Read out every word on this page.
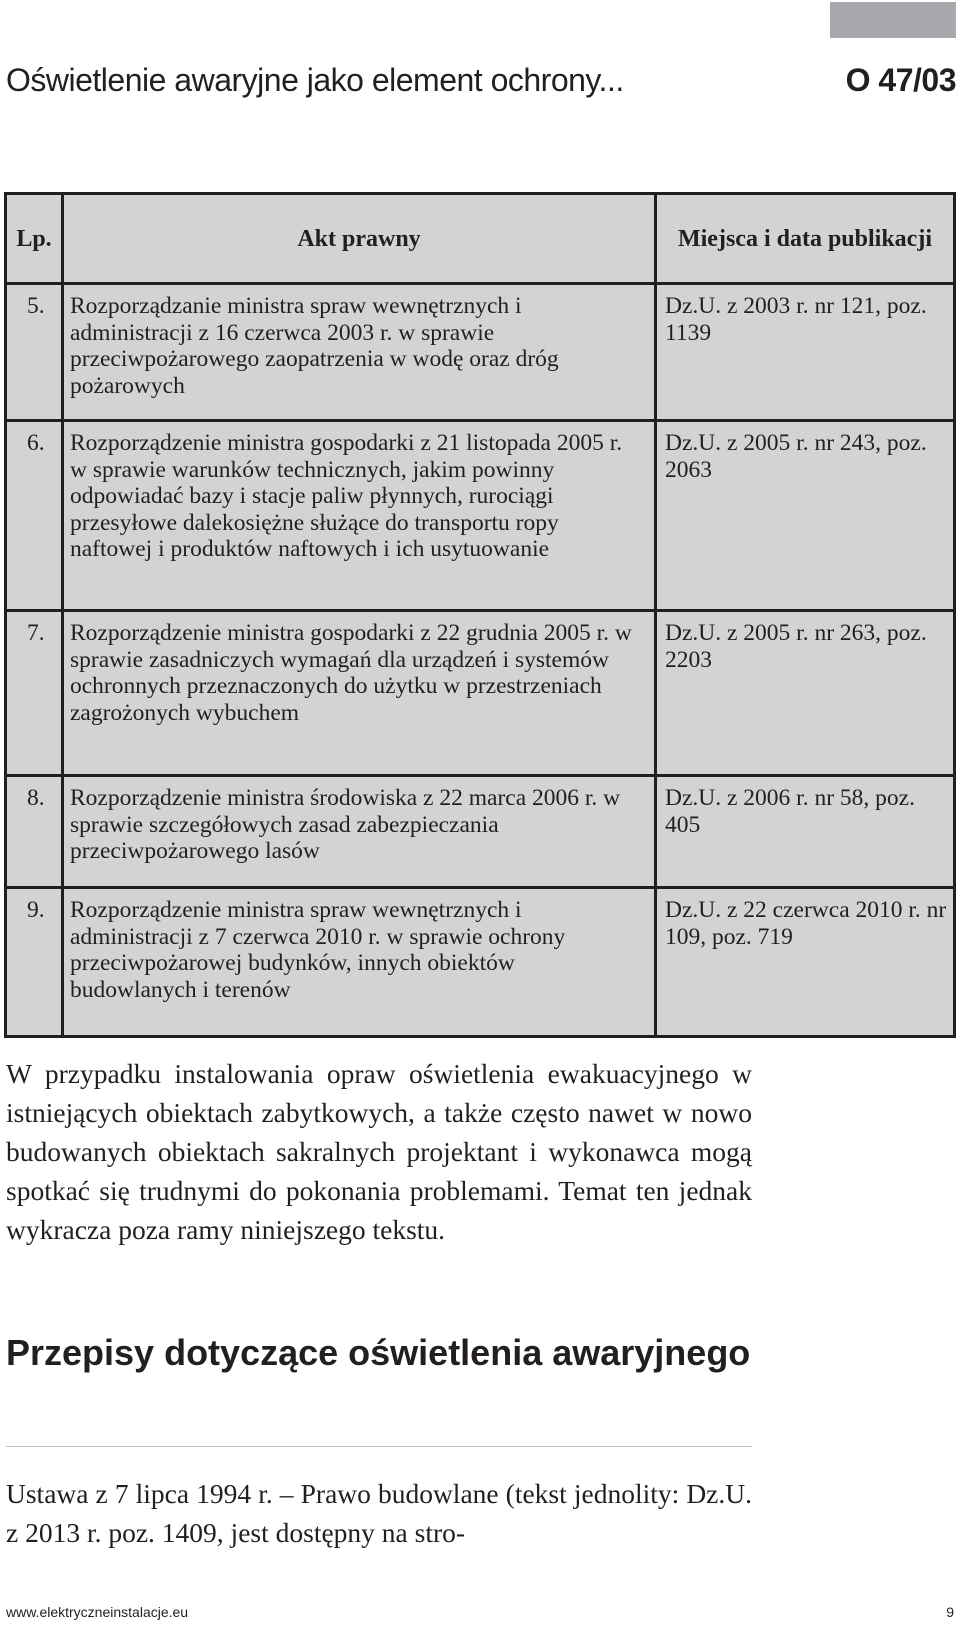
Oświetlenie awaryjne jako element ochrony...	O 47/03
Lp.	Akt prawny	Miejsca i data publikacji
5.	Rozporządzanie ministra spraw wewnętrznych i administracji z 16 czerwca 2003 r. w sprawie przeciwpożarowego zaopatrzenia w wodę oraz dróg pożarowych	Dz.U. z 2003 r. nr 121, poz. 1139
6.	Rozporządzenie ministra gospodarki z 21 listopada 2005 r. w sprawie warunków technicznych, jakim powinny odpowiadać bazy i stacje paliw płynnych, rurociągi przesyłowe dalekosiężne służące do transportu ropy naftowej i produktów naftowych i ich usytuowanie	Dz.U. z 2005 r. nr 243, poz. 2063
7.	Rozporządzenie ministra gospodarki z 22 grudnia 2005 r. w sprawie zasadniczych wymagań dla urządzeń i systemów ochronnych przeznaczonych do użytku w przestrzeniach zagrożonych wybuchem	Dz.U. z 2005 r. nr 263, poz. 2203
8.	Rozporządzenie ministra środowiska z 22 marca 2006 r. w sprawie szczegółowych zasad zabezpieczania przeciwpożarowego lasów	Dz.U. z 2006 r. nr 58, poz. 405
9.	Rozporządzenie ministra spraw wewnętrznych i administracji z 7 czerwca 2010 r. w sprawie ochrony przeciwpożarowej budynków, innych obiektów budowlanych i terenów	Dz.U. z 22 czerwca 2010 r. nr 109, poz. 719

W przypadku instalowania opraw oświetlenia ewakuacyjnego w istniejących obiektach zabytkowych, a także często nawet w nowo budowanych obiektach sakralnych projektant i wykonawca mogą spotkać się trudnymi do pokonania problemami. Temat ten jednak wykracza poza ramy niniejszego tekstu.

Przepisy dotyczące oświetlenia awaryjnego

Ustawa z 7 lipca 1994 r. – Prawo budowlane (tekst jednolity: Dz.U. z 2013 r. poz. 1409, jest dostępny na stro-

www.elektryczneinstalacje.eu	9
